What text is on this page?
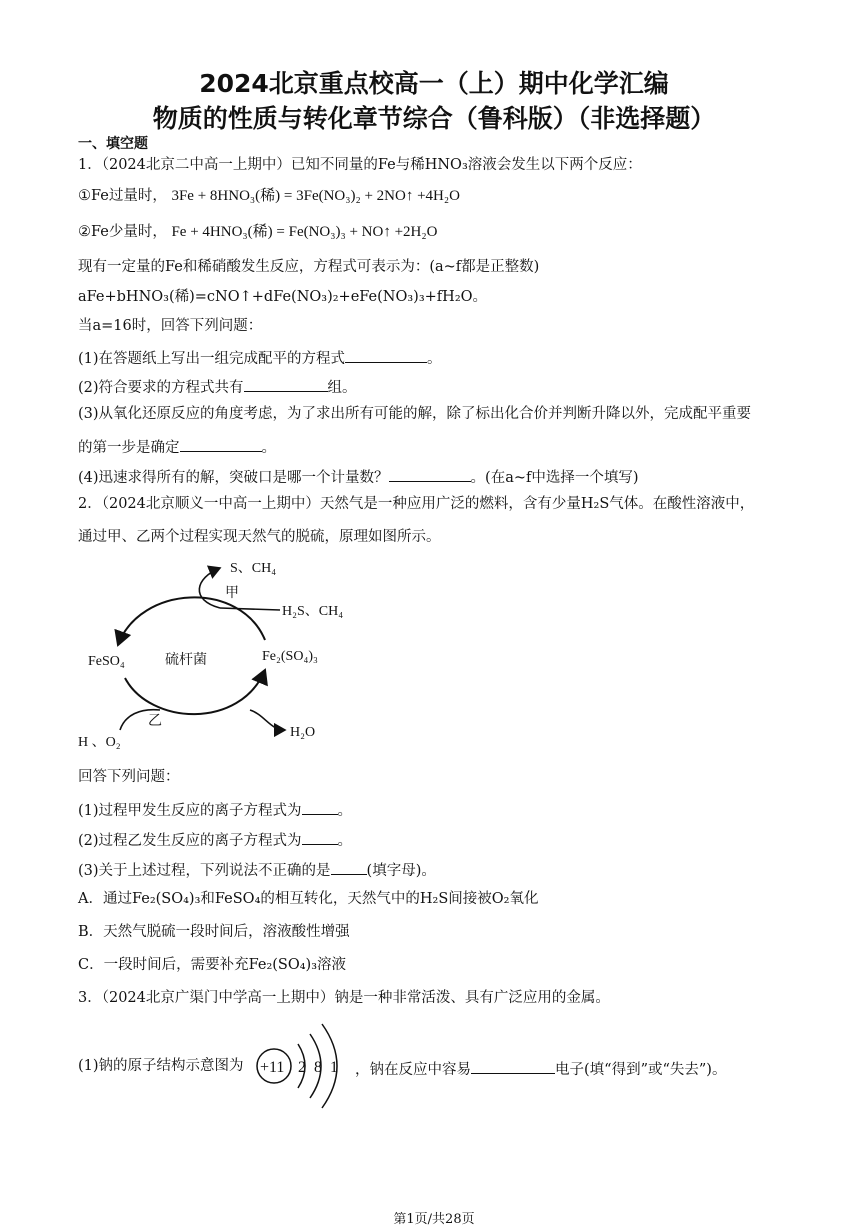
2024北京重点校高一（上）期中化学汇编
物质的性质与转化章节综合（鲁科版）（非选择题）
一、填空题
1．（2024北京二中高一上期中）已知不同量的Fe与稀HNO₃溶液会发生以下两个反应：
①Fe过量时， 3Fe + 8HNO₃(稀) = 3Fe(NO₃)₂ + 2NO↑ +4H₂O
②Fe少量时， Fe + 4HNO₃(稀) = Fe(NO₃)₃ + NO↑ +2H₂O
现有一定量的Fe和稀硝酸发生反应，方程式可表示为：(a~f都是正整数)
aFe+bHNO₃(稀)=cNO↑+dFe(NO₃)₂+eFe(NO₃)₃+fH₂O。
当a=16时，回答下列问题：
(1)在答题纸上写出一组完成配平的方程式	。
(2)符合要求的方程式共有	组。
(3)从氧化还原反应的角度考虑，为了求出所有可能的解，除了标出化合价并判断升降以外，完成配平重要
的第一步是确定	。
(4)迅速求得所有的解，突破口是哪一个计量数？	。(在a~f中选择一个填写)
2．（2024北京顺义一中高一上期中）天然气是一种应用广泛的燃料，含有少量H₂S气体。在酸性溶液中，
通过甲、乙两个过程实现天然气的脱硫，原理如图所示。
S、CH₄
甲
H₂S、CH₄
FeSO₄	硫杆菌	Fe₂(SO₄)₃
乙
H 、O₂
H₂O
回答下列问题：
(1)过程甲发生反应的离子方程式为 。
(2)过程乙发生反应的离子方程式为 。
(3)关于上述过程，下列说法不正确的是 (填字母)。
A．通过Fe₂(SO₄)₃和FeSO₄的相互转化，天然气中的H₂S间接被O₂氧化
B．天然气脱硫一段时间后，溶液酸性增强
C．一段时间后，需要补充Fe₂(SO₄)₃溶液
3．（2024北京广渠门中学高一上期中）钠是一种非常活泼、具有广泛应用的金属。
(1)钠的原子结构示意图为 +11 2 8 1 ，钠在反应中容易	电子(填“得到”或“失去”)。
第1页/共28页
